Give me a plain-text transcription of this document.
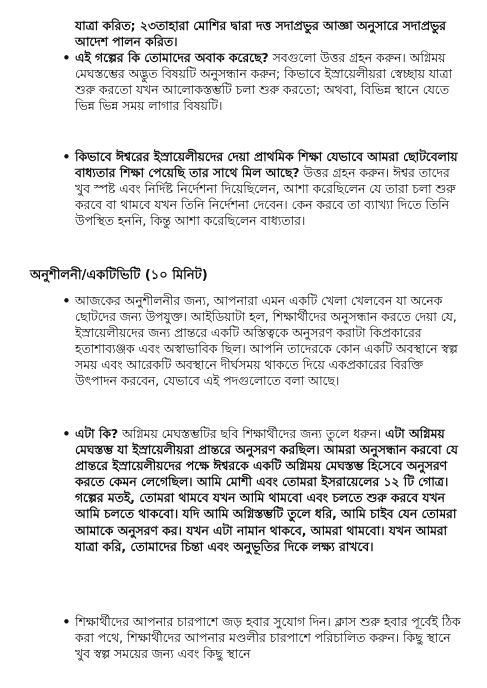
যাত্রা করিত; ২৩তাহারা মোশির দ্বারা দত্ত সদাপ্রভুর আজ্ঞা অনুসারে সদাপ্রভুর আদেশ পালন করিত।

• এই গল্পের কি তোমাদের অবাক করেছে? সবগুলো উত্তর গ্রহন করুন। অগ্নিময় মেঘস্তম্ভের অদ্ভুত বিষয়টি অনুসন্ধান করুন; কিভাবে ইস্রায়েলীয়রা স্বেচ্ছায় যাত্রা শুরু করতো যখন আলোকস্তম্ভটি চলা শুরু করতো; অথবা, বিভিন্ন স্থানে যেতে ভিন্ন ভিন্ন সময় লাগার বিষয়টি।

• কিভাবে ঈশ্বরের ইস্রায়েলীয়দের দেয়া প্রাথমিক শিক্ষা যেভাবে আমরা ছোটবেলায় বাধ্যতার শিক্ষা পেয়েছি তার সাথে মিল আছে? উত্তর গ্রহন করুন। ঈশ্বর তাদের খুব স্পষ্ট এবং নির্দিষ্ট নির্দেশনা দিয়েছিলেন, আশা করেছিলেন যে তারা চলা শুরু করবে বা থামবে যখন তিনি নির্দেশনা দেবেন। কেন করবে তা ব্যাখ্যা দিতে তিনি উপস্থিত হননি, কিন্তু আশা করেছিলেন বাধ্যতার।

অনুশীলনী/একটিভিটি (১০ মিনিট)
• আজকের অনুশীলনীর জন্য, আপনারা এমন একটি খেলা খেলবেন যা অনেক ছোটদের জন্য উপযুক্ত। আইডিয়াটা হল, শিক্ষার্থীদের অনুসন্ধান করতে দেয়া যে, ইস্রায়েলীয়দের জন্য প্রান্তরে একটি অস্তিত্বকে অনুসরণ করাটা কিপ্রকারের হতাশাব্যঞ্জক এবং অস্বাভাবিক ছিল। আপনি তাদেরকে কোন একটি অবস্থানে স্বল্প সময় এবং আরেকটি অবস্থানে দীর্ঘসময় থাকতে দিয়ে একপ্রকারের বিরক্তি উৎপাদন করবেন, যেভাবে এই পদগুলোতে বলা আছে।

• এটা কি? অগ্নিময় মেঘস্তম্ভটির ছবি শিক্ষার্থীদের জন্য তুলে ধরুন। এটা অগ্নিময় মেঘস্তম্ভ যা ইস্রায়েলীয়রা প্রান্তরে অনুসরণ করছিল। আমরা অনুসন্ধান করবো যে প্রান্তরে ইস্রায়েলীয়দের পক্ষে ঈশ্বরকে একটি অগ্নিময় মেঘস্তম্ভ হিসেবে অনুসরণ করতে কেমন লেগেছিল। আমি মোশী এবং তোমরা ইসরায়েলের ১২ টি গোত্র। গল্পের মতই, তোমরা থামবে যখন আমি থামবো এবং চলতে শুরু করবে যখন আমি চলতে থাকবো। যদি আমি অগ্নিস্তম্ভটি তুলে ধরি, আমি চাইব যেন তোমরা আমাকে অনুসরণ কর। যখন এটা নামান থাকবে, আমরা থামবো। যখন আমরা যাত্রা করি, তোমাদের চিন্তা এবং অনুভূতির দিকে লক্ষ্য রাখবে।

• শিক্ষার্থীদের আপনার চারপাশে জড় হবার সুযোগ দিন। ক্লাস শুরু হবার পূর্বেই ঠিক করা পথে, শিক্ষার্থীদের আপনার মণ্ডলীর চারপাশে পরিচালিত করুন। কিছু স্থানে খুব স্বল্প সময়ের জন্য এবং কিছু স্থানে
